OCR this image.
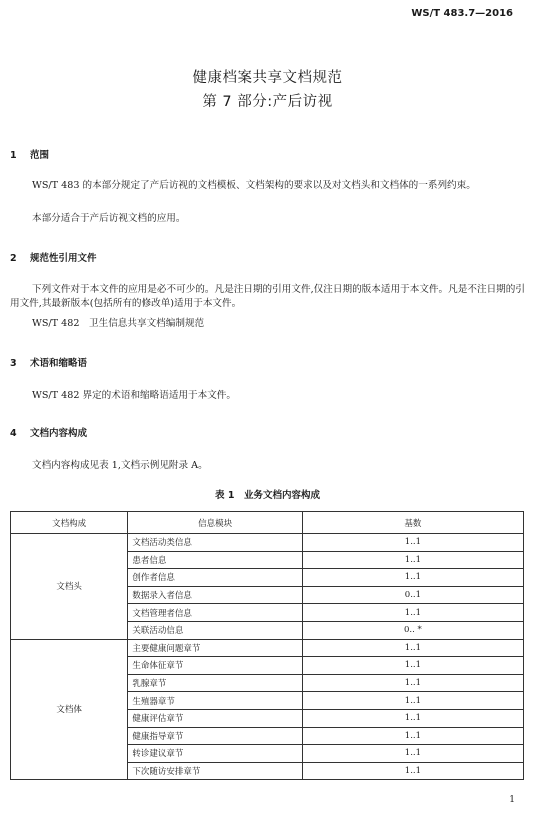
WS/T 483.7—2016
健康档案共享文档规范
第 7 部分:产后访视
1 范围
WS/T 483 的本部分规定了产后访视的文档模板、文档架构的要求以及对文档头和文档体的一系列约束。
本部分适合于产后访视文档的应用。
2 规范性引用文件
下列文件对于本文件的应用是必不可少的。凡是注日期的引用文件,仅注日期的版本适用于本文件。凡是不注日期的引用文件,其最新版本(包括所有的修改单)适用于本文件。
WS/T 482　卫生信息共享文档编制规范
3 术语和缩略语
WS/T 482 界定的术语和缩略语适用于本文件。
4 文档内容构成
文档内容构成见表 1,文档示例见附录 A。
表 1　业务文档内容构成
文档构成	信息模块	基数
文档头	文档活动类信息	1..1
	患者信息	1..1
	创作者信息	1..1
	数据录入者信息	0..1
	文档管理者信息	1..1
	关联活动信息	0.. *
文档体	主要健康问题章节	1..1
	生命体征章节	1..1
	乳腺章节	1..1
	生殖器章节	1..1
	健康评估章节	1..1
	健康指导章节	1..1
	转诊建议章节	1..1
	下次随访安排章节	1..1
1
